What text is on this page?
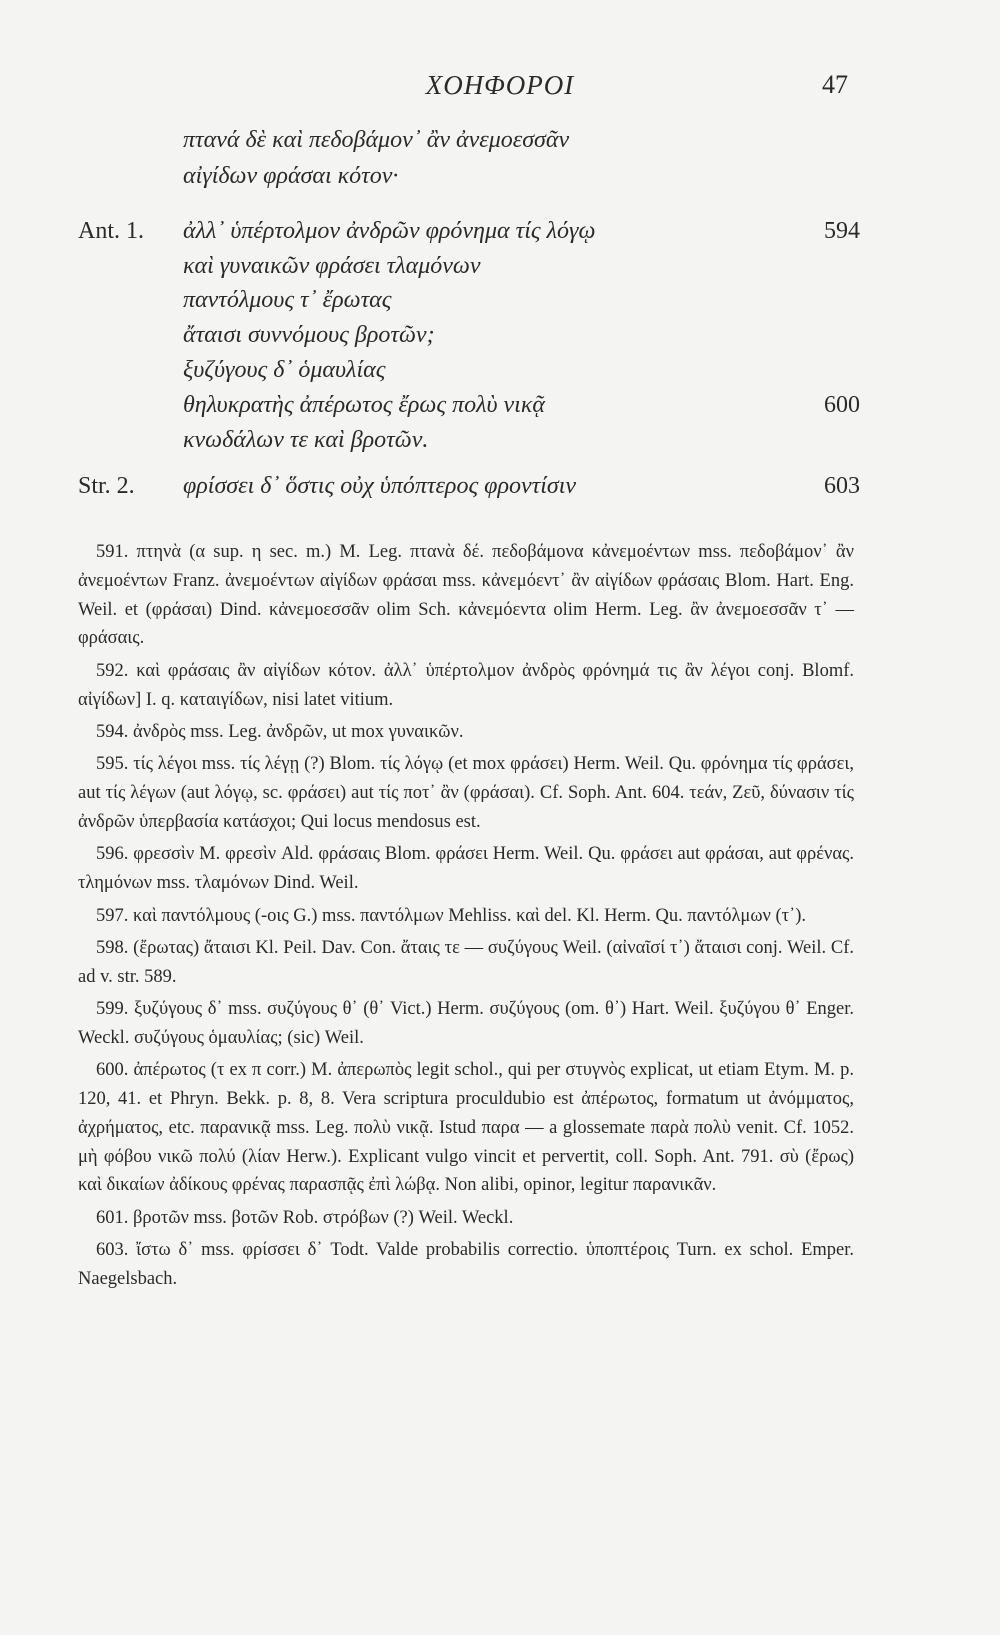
ΧΟΗΦΟΡΟΙ	47
πτανά δὲ καὶ πεδοβάμον᾽ ἂν ἀνεμοεσσᾶν
αἰγίδων φράσαι κότον·
Ant. 1. ἀλλ᾽ ὑπέρτολμον ἀνδρῶν φρόνημα τίς λόγῳ	594
καὶ γυναικῶν φράσει τλαμόνων
παντόλμους τ᾽ ἔρωτας
ἄταισι συννόμους βροτῶν;
ξυζύγους δ᾽ ὁμαυλίας
θηλυκρατὴς ἀπέρωτος ἔρως πολὺ νικᾷ	600
κνωδάλων τε καὶ βροτῶν.
Str. 2. φρίσσει δ᾽ ὅστις οὐχ ὑπόπτερος φροντίσιν	603

591. πτηνὰ (α sup. η sec. m.) M. Leg. πτανὰ δέ. πεδοβάμονα κἀνεμοέντων mss. πεδοβάμον᾽ ἂν ἀνεμοέντων Franz. ἀνεμοέντων αἰγίδων φράσαι mss. κἀνεμόεντ᾽ ἂν αἰγίδων φράσαις Blom. Hart. Eng. Weil. et (φράσαι) Dind. κἀνεμοεσσᾶν olim Sch. κἀνεμόεντα olim Herm. Leg. ἂν ἀνεμοεσσᾶν τ᾽ — φράσαις.

592. καὶ φράσαις ἂν αἰγίδων κότον. ἀλλ᾽ ὑπέρτολμον ἀνδρὸς φρόνημά τις ἂν λέγοι conj. Blomf. αἰγίδων] I. q. καταιγίδων, nisi latet vitium.

594. ἀνδρὸς mss. Leg. ἀνδρῶν, ut mox γυναικῶν.

595. τίς λέγοι mss. τίς λέγῃ (?) Blom. τίς λόγῳ (et mox φράσει) Herm. Weil. Qu. φρόνημα τίς φράσει, aut τίς λέγων (aut λόγῳ, sc. φράσει) aut τίς ποτ᾽ ἂν (φράσαι). Cf. Soph. Ant. 604. τεάν, Ζεῦ, δύνασιν τίς ἀνδρῶν ὑπερβασία κατάσχοι; Qui locus mendosus est.

596. φρεσσὶν M. φρεσὶν Ald. φράσαις Blom. φράσει Herm. Weil. Qu. φράσει aut φράσαι, aut φρένας. τλημόνων mss. τλαμόνων Dind. Weil.

597. καὶ παντόλμους (-οις G.) mss. παντόλμων Mehliss. καὶ del. Kl. Herm. Qu. παντόλμων (τ᾽).

598. (ἔρωτας) ἄταισι Kl. Peil. Dav. Con. ἄταις τε — συζύγους Weil. (αἰναῖσί τ᾽) ἄταισι conj. Weil. Cf. ad v. str. 589.

599. ξυζύγους δ᾽ mss. συζύγους θ᾽ (θ᾽ Vict.) Herm. συζύγους (om. θ᾽) Hart. Weil. ξυζύγου θ᾽ Enger. Weckl. συζύγους ὁμαυλίας; (sic) Weil.

600. ἀπέρωτος (τ ex π corr.) M. ἀπερωπὸς legit schol., qui per στυγνὸς explicat, ut etiam Etym. M. p. 120, 41. et Phryn. Bekk. p. 8, 8. Vera scriptura proculdubio est ἀπέρωτος, formatum ut ἀνόμματος, ἀχρήματος, etc. παρανικᾷ mss. Leg. πολὺ νικᾷ. Istud παρα — a glossemate παρὰ πολὺ venit. Cf. 1052. μὴ φόβου νικῶ πολύ (λίαν Herw.). Explicant vulgo vincit et pervertit, coll. Soph. Ant. 791. σὺ (ἔρως) καὶ δικαίων ἀδίκους φρένας παρασπᾷς ἐπὶ λώβᾳ. Non alibi, opinor, legitur παρανικᾶν.

601. βροτῶν mss. βοτῶν Rob. στρόβων (?) Weil. Weckl.

603. ἴστω δ᾽ mss. φρίσσει δ᾽ Todt. Valde probabilis correctio. ὑποπτέροις Turn. ex schol. Emper. Naegelsbach.
